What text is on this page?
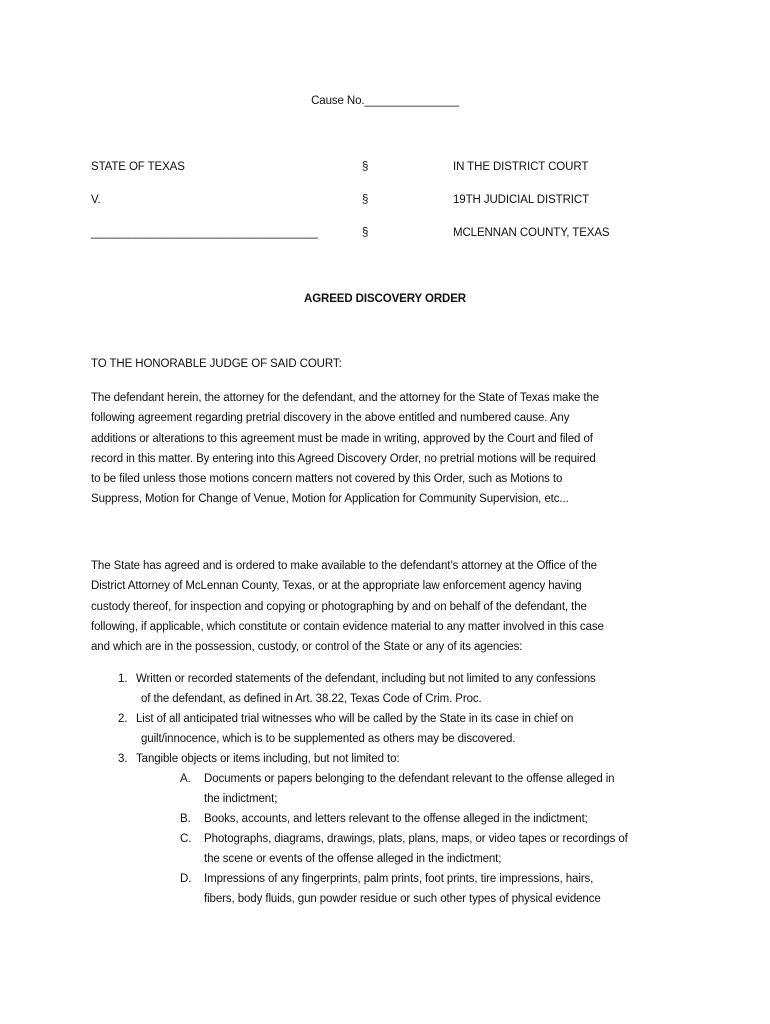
Cause No._______________
STATE OF TEXAS	§	IN THE DISTRICT COURT
V.	§	19TH JUDICIAL DISTRICT
____________________________________	§	MCLENNAN COUNTY, TEXAS
AGREED DISCOVERY ORDER
TO THE HONORABLE JUDGE OF SAID COURT:
The defendant herein, the attorney for the defendant, and the attorney for the State of Texas make the
following agreement regarding pretrial discovery in the above entitled and numbered cause. Any
additions or alterations to this agreement must be made in writing, approved by the Court and filed of
record in this matter. By entering into this Agreed Discovery Order, no pretrial motions will be required
to be filed unless those motions concern matters not covered by this Order, such as Motions to
Suppress, Motion for Change of Venue, Motion for Application for Community Supervision, etc...
The State has agreed and is ordered to make available to the defendant’s attorney at the Office of the
District Attorney of McLennan County, Texas, or at the appropriate law enforcement agency having
custody thereof, for inspection and copying or photographing by and on behalf of the defendant, the
following, if applicable, which constitute or contain evidence material to any matter involved in this case
and which are in the possession, custody, or control of the State or any of its agencies:
1. Written or recorded statements of the defendant, including but not limited to any confessions
of the defendant, as defined in Art. 38.22, Texas Code of Crim. Proc.
2. List of all anticipated trial witnesses who will be called by the State in its case in chief on
guilt/innocence, which is to be supplemented as others may be discovered.
3. Tangible objects or items including, but not limited to:
A.	Documents or papers belonging to the defendant relevant to the offense alleged in
the indictment;
B.	Books, accounts, and letters relevant to the offense alleged in the indictment;
C.	Photographs, diagrams, drawings, plats, plans, maps, or video tapes or recordings of
the scene or events of the offense alleged in the indictment;
D.	Impressions of any fingerprints, palm prints, foot prints, tire impressions, hairs,
fibers, body fluids, gun powder residue or such other types of physical evidence
